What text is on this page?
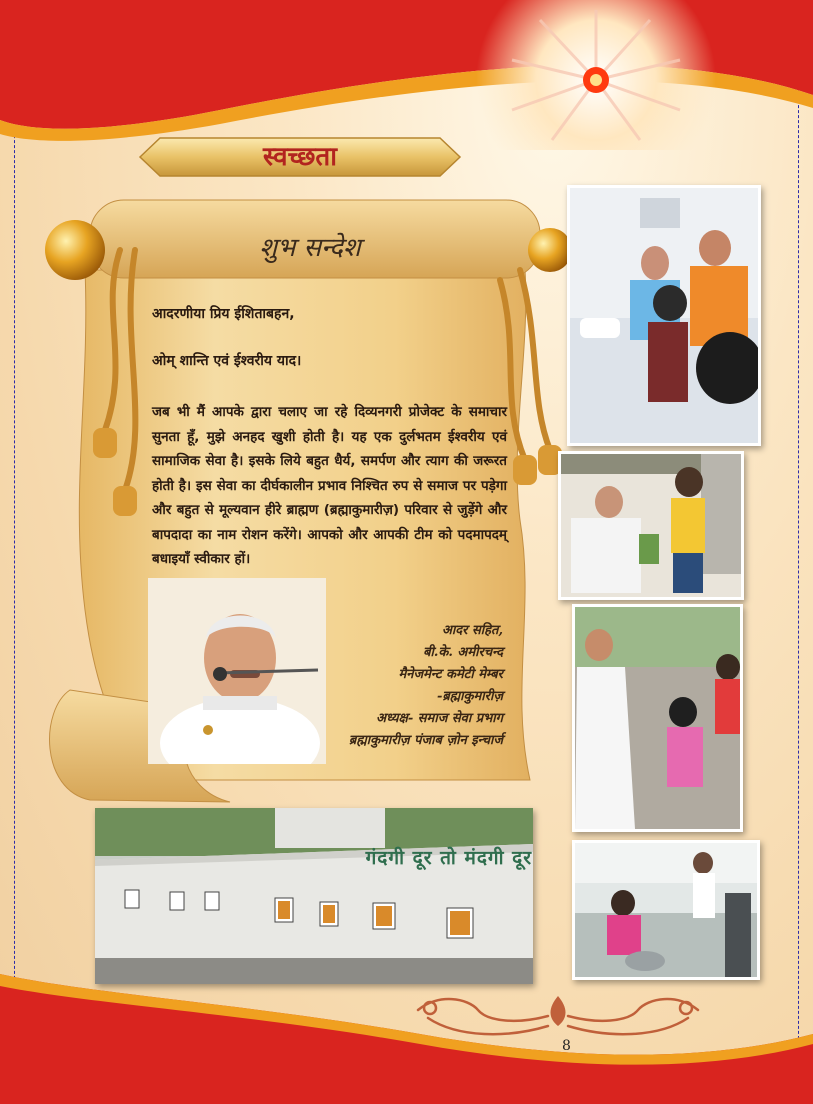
स्वच्छता
शुभ सन्देश

आदरणीया प्रिय ईशिताबहन,

ओम् शान्ति एवं ईश्वरीय याद।

जब भी मैं आपके द्वारा चलाए जा रहे दिव्यनगरी प्रोजेक्ट के समाचार सुनता हूँ, मुझे अनहद खुशी होती है। यह एक दुर्लभतम ईश्वरीय एवं सामाजिक सेवा है। इसके लिये बहुत धैर्य, समर्पण और त्याग की जरूरत होती है। इस सेवा का दीर्घकालीन प्रभाव निश्चित रुप से समाज पर पड़ेगा और बहुत से मूल्यवान हीरे ब्राह्मण (ब्रह्माकुमारीज़) परिवार से जुड़ेंगे और बापदादा का नाम रोशन करेंगे। आपको और आपकी टीम को पदमापदम् बधाइयाँ स्वीकार हों।

आदर सहित,
बी.के. अमीरचन्द
मैनेजमेन्ट कमेटी मेम्बर
-ब्रह्माकुमारीज़
अध्यक्ष- समाज सेवा प्रभाग
ब्रह्माकुमारीज़ पंजाब ज़ोन इन्चार्ज
गंदगी दूर तो मंदगी दूर
8
